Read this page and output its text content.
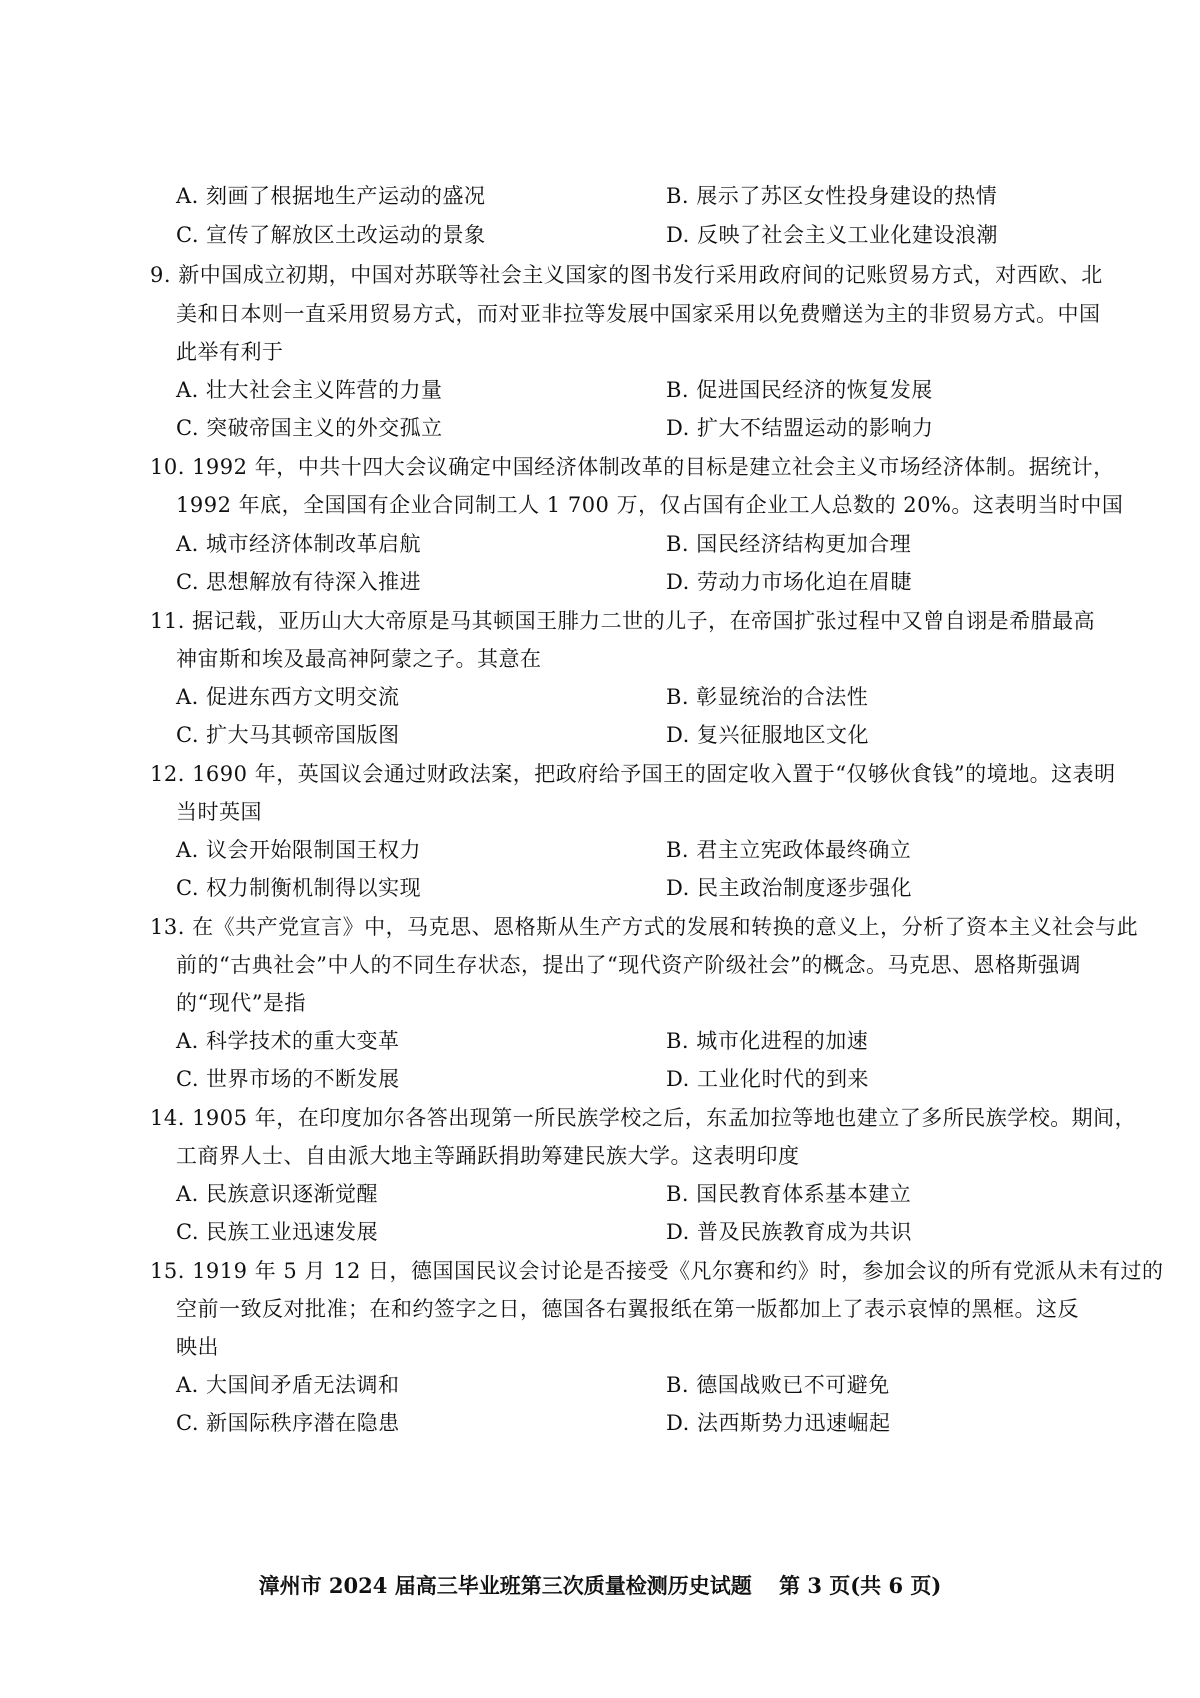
A. 刻画了根据地生产运动的盛况	B. 展示了苏区女性投身建设的热情
C. 宣传了解放区土改运动的景象	D. 反映了社会主义工业化建设浪潮
9. 新中国成立初期，中国对苏联等社会主义国家的图书发行采用政府间的记账贸易方式，对西欧、北
美和日本则一直采用贸易方式，而对亚非拉等发展中国家采用以免费赠送为主的非贸易方式。中国
此举有利于
A. 壮大社会主义阵营的力量	B. 促进国民经济的恢复发展
C. 突破帝国主义的外交孤立	D. 扩大不结盟运动的影响力
10. 1992 年，中共十四大会议确定中国经济体制改革的目标是建立社会主义市场经济体制。据统计，
1992 年底，全国国有企业合同制工人 1 700 万，仅占国有企业工人总数的 20%。这表明当时中国
A. 城市经济体制改革启航	B. 国民经济结构更加合理
C. 思想解放有待深入推进	D. 劳动力市场化迫在眉睫
11. 据记载，亚历山大大帝原是马其顿国王腓力二世的儿子，在帝国扩张过程中又曾自诩是希腊最高
神宙斯和埃及最高神阿蒙之子。其意在
A. 促进东西方文明交流	B. 彰显统治的合法性
C. 扩大马其顿帝国版图	D. 复兴征服地区文化
12. 1690 年，英国议会通过财政法案，把政府给予国王的固定收入置于“仅够伙食钱”的境地。这表明
当时英国
A. 议会开始限制国王权力	B. 君主立宪政体最终确立
C. 权力制衡机制得以实现	D. 民主政治制度逐步强化
13. 在《共产党宣言》中，马克思、恩格斯从生产方式的发展和转换的意义上，分析了资本主义社会与此
前的“古典社会”中人的不同生存状态，提出了“现代资产阶级社会”的概念。马克思、恩格斯强调
的“现代”是指
A. 科学技术的重大变革	B. 城市化进程的加速
C. 世界市场的不断发展	D. 工业化时代的到来
14. 1905 年，在印度加尔各答出现第一所民族学校之后，东孟加拉等地也建立了多所民族学校。期间，
工商界人士、自由派大地主等踊跃捐助筹建民族大学。这表明印度
A. 民族意识逐渐觉醒	B. 国民教育体系基本建立
C. 民族工业迅速发展	D. 普及民族教育成为共识
15. 1919 年 5 月 12 日，德国国民议会讨论是否接受《凡尔赛和约》时，参加会议的所有党派从未有过的
空前一致反对批准；在和约签字之日，德国各右翼报纸在第一版都加上了表示哀悼的黑框。这反
映出
A. 大国间矛盾无法调和	B. 德国战败已不可避免
C. 新国际秩序潜在隐患	D. 法西斯势力迅速崛起
漳州市 2024 届高三毕业班第三次质量检测历史试题 第 3 页(共 6 页)
